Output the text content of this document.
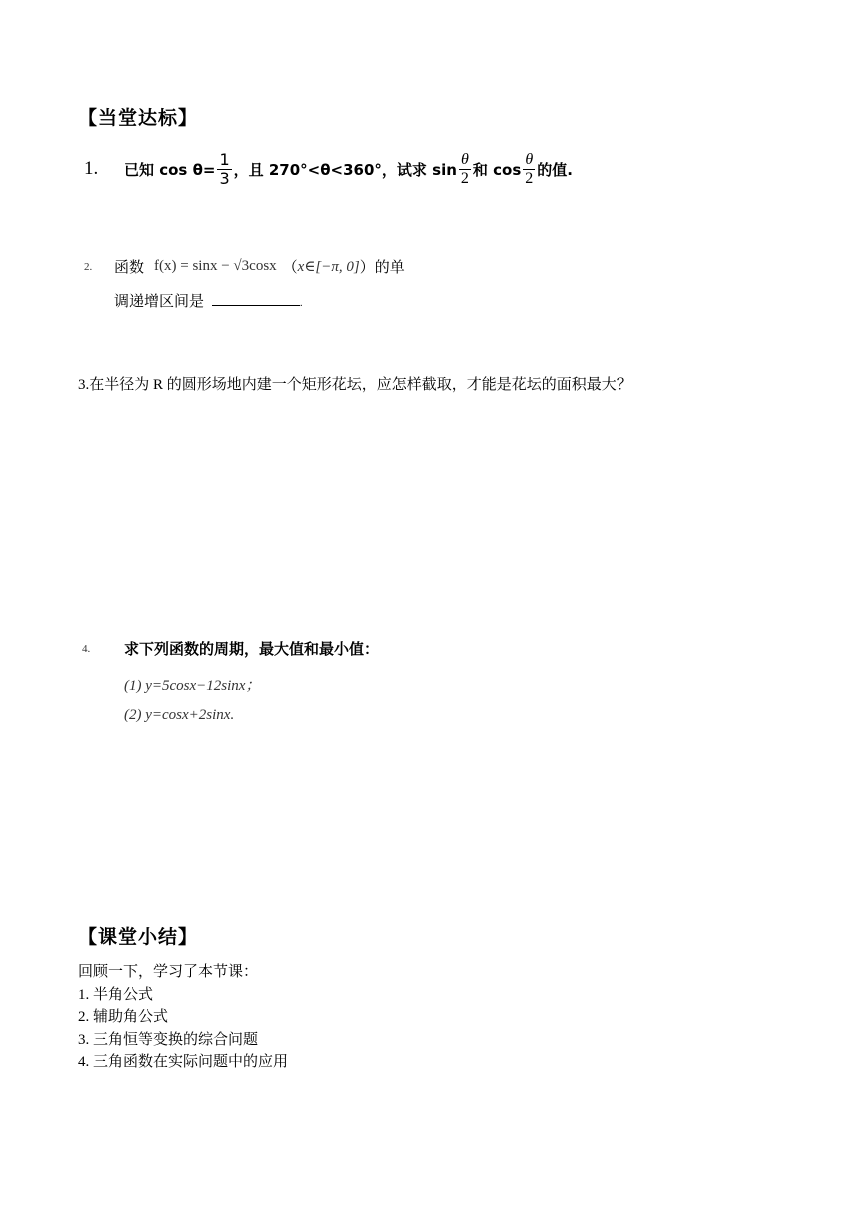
【当堂达标】
1.	已知 $\cos \theta= \frac{1}{3}$ ，且 270°<θ<360°，试求 $\sin \frac{\theta}{2}$ 和 $\cos \frac{\theta}{2}$ 的值.
2.	函数 f(x) = sinx − √3cosx （ x∈[−π, 0] ）的单
调递增区间是	.
3.在半径为 R 的圆形场地内建一个矩形花坛，应怎样截取，才能是花坛的面积最大？
4.	求下列函数的周期，最大值和最小值：
(1) y=5cosx−12sinx；
(2) y=cosx+2sinx.
【课堂小结】
回顾一下，学习了本节课：
1. 半角公式
2. 辅助角公式
3. 三角恒等变换的综合问题
4. 三角函数在实际问题中的应用
